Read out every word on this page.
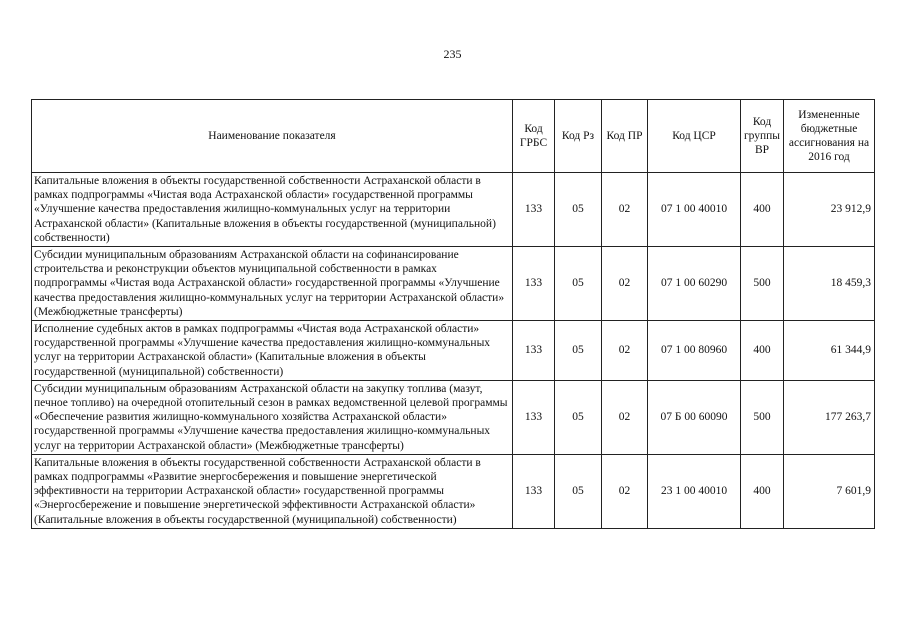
235
Наименование показателя	Код ГРБС	Код Рз	Код ПР	Код ЦСР	Код группы ВР	Измененные бюджетные ассигнования на 2016 год
Капитальные вложения в объекты государственной собственности Астраханской области в рамках подпрограммы «Чистая вода Астраханской области» государственной программы «Улучшение качества предоставления жилищно-коммунальных услуг на территории Астраханской области» (Капитальные вложения в объекты государственной (муниципальной) собственности)	133	05	02	07 1 00 40010	400	23 912,9
Субсидии муниципальным образованиям Астраханской области на софинансирование строительства и реконструкции объектов муниципальной собственности в рамках подпрограммы «Чистая вода Астраханской области» государственной программы «Улучшение качества предоставления жилищно-коммунальных услуг на территории Астраханской области» (Межбюджетные трансферты)	133	05	02	07 1 00 60290	500	18 459,3
Исполнение судебных актов в рамках подпрограммы «Чистая вода Астраханской области» государственной программы «Улучшение качества предоставления жилищно-коммунальных услуг на территории Астраханской области» (Капитальные вложения в объекты государственной (муниципальной) собственности)	133	05	02	07 1 00 80960	400	61 344,9
Субсидии муниципальным образованиям Астраханской области на закупку топлива (мазут, печное топливо) на очередной отопительный сезон в рамках ведомственной целевой программы «Обеспечение развития жилищно-коммунального хозяйства Астраханской области» государственной программы «Улучшение качества предоставления жилищно-коммунальных услуг на территории Астраханской области» (Межбюджетные трансферты)	133	05	02	07 Б 00 60090	500	177 263,7
Капитальные вложения в объекты государственной собственности Астраханской области в рамках подпрограммы «Развитие энергосбережения и повышение энергетической эффективности на территории Астраханской области» государственной программы «Энергосбережение и повышение энергетической эффективности Астраханской области» (Капитальные вложения в объекты государственной (муниципальной) собственности)	133	05	02	23 1 00 40010	400	7 601,9
